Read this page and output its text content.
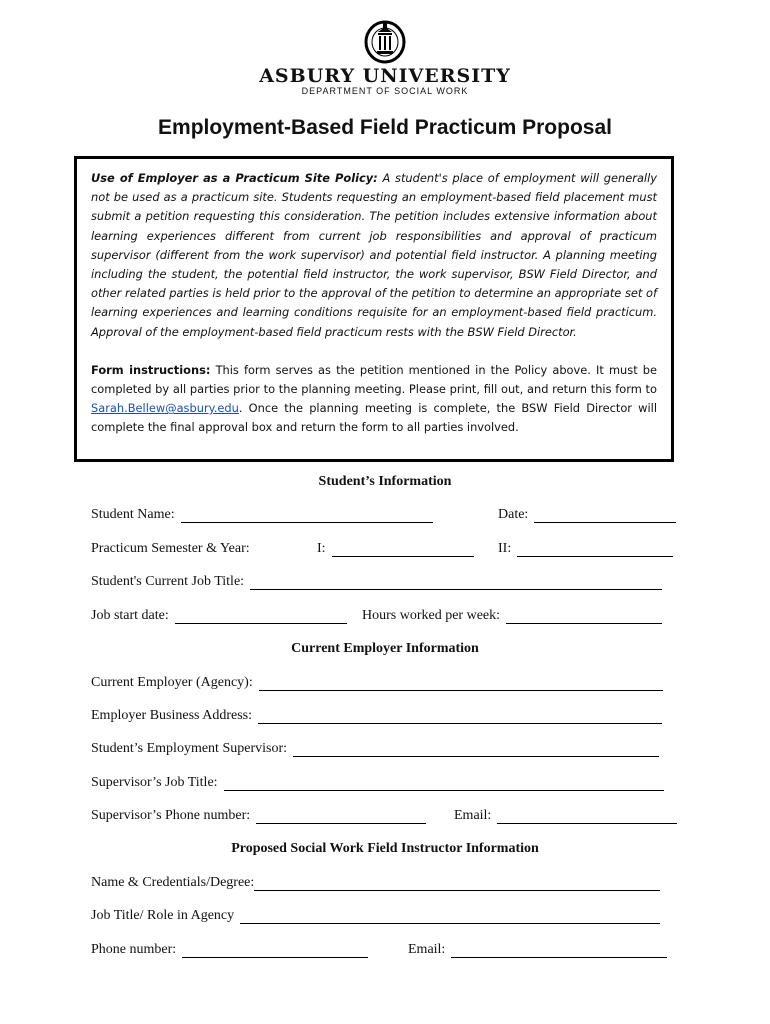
ASBURY UNIVERSITY
DEPARTMENT OF SOCIAL WORK
Employment-Based Field Practicum Proposal
Use of Employer as a Practicum Site Policy: A student's place of employment will generally not be used as a practicum site. Students requesting an employment-based field placement must submit a petition requesting this consideration. The petition includes extensive information about learning experiences different from current job responsibilities and approval of practicum supervisor (different from the work supervisor) and potential field instructor. A planning meeting including the student, the potential field instructor, the work supervisor, BSW Field Director, and other related parties is held prior to the approval of the petition to determine an appropriate set of learning experiences and learning conditions requisite for an employment-based field practicum. Approval of the employment-based field practicum rests with the BSW Field Director.
Form instructions: This form serves as the petition mentioned in the Policy above. It must be completed by all parties prior to the planning meeting. Please print, fill out, and return this form to Sarah.Bellew@asbury.edu. Once the planning meeting is complete, the BSW Field Director will complete the final approval box and return the form to all parties involved.
Student’s Information
Student Name:	Date:
Practicum Semester & Year:	I:	II:
Student's Current Job Title:
Job start date:	Hours worked per week:
Current Employer Information
Current Employer (Agency):
Employer Business Address:
Student’s Employment Supervisor:
Supervisor’s Job Title:
Supervisor’s Phone number:	Email:
Proposed Social Work Field Instructor Information
Name & Credentials/Degree:
Job Title/ Role in Agency
Phone number:	Email:
